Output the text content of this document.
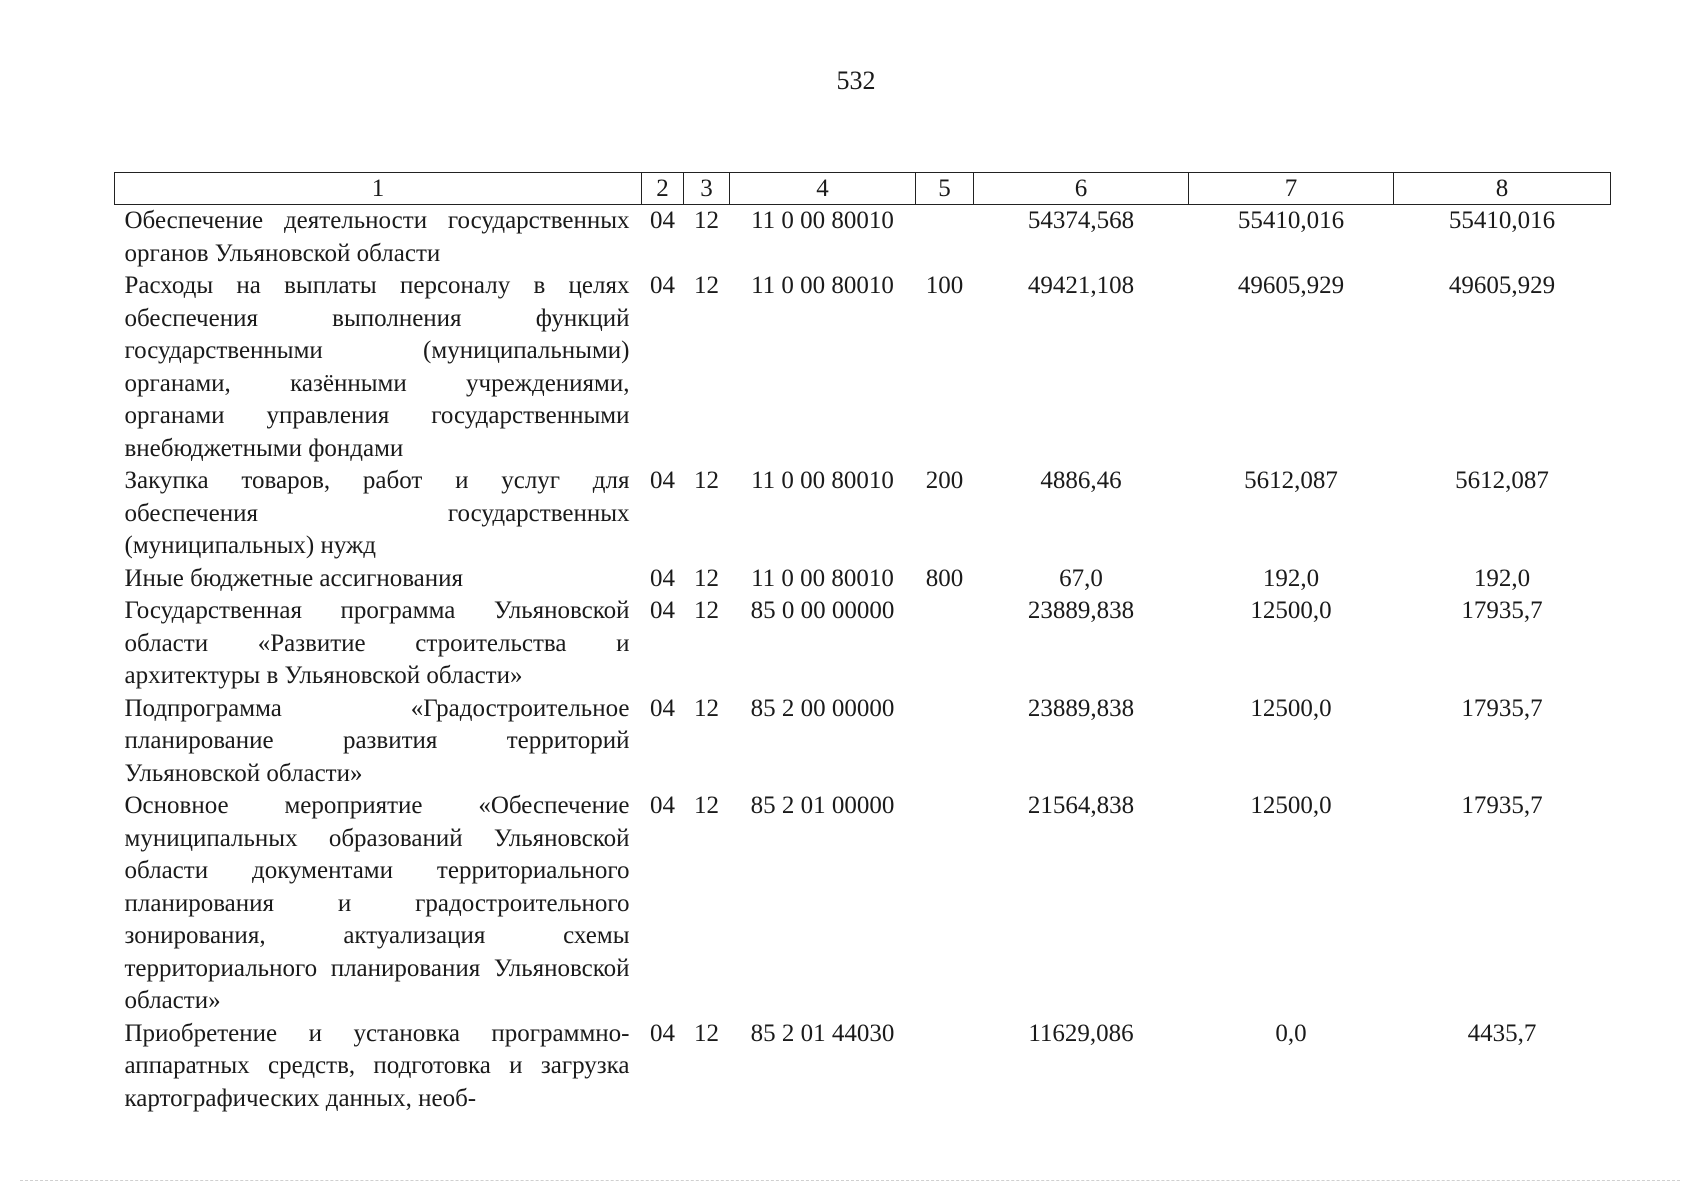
532
1	2	3	4	5	6	7	8
Обеспечение деятельности государственных органов Ульяновской области	04	12	11 0 00 80010		54374,568	55410,016	55410,016
Расходы на выплаты персоналу в целях обеспечения выполнения функций государственными (муниципальными) органами, казёнными учреждениями, органами управления государственными внебюджетными фондами	04	12	11 0 00 80010	100	49421,108	49605,929	49605,929
Закупка товаров, работ и услуг для обеспечения государственных (муниципальных) нужд	04	12	11 0 00 80010	200	4886,46	5612,087	5612,087
Иные бюджетные ассигнования	04	12	11 0 00 80010	800	67,0	192,0	192,0
Государственная программа Ульяновской области «Развитие строительства и архитектуры в Ульяновской области»	04	12	85 0 00 00000		23889,838	12500,0	17935,7
Подпрограмма «Градостроительное планирование развития территорий Ульяновской области»	04	12	85 2 00 00000		23889,838	12500,0	17935,7
Основное мероприятие «Обеспечение муниципальных образований Ульяновской области документами территориального планирования и градостроительного зонирования, актуализация схемы территориального планирования Ульяновской области»	04	12	85 2 01 00000		21564,838	12500,0	17935,7
Приобретение и установка программно-аппаратных средств, подготовка и загрузка картографических данных, необ-	04	12	85 2 01 44030		11629,086	0,0	4435,7
